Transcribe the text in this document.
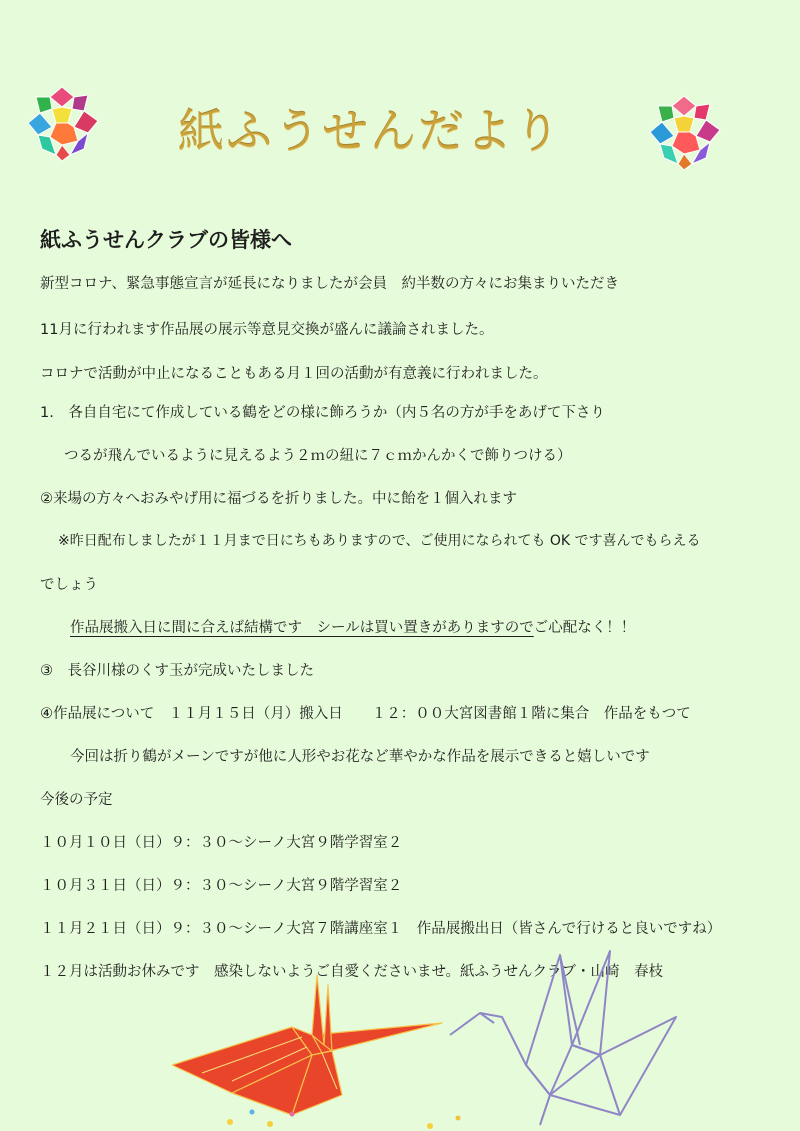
紙ふうせんだより
紙ふうせんクラブの皆様へ
新型コロナ、緊急事態宣言が延長になりましたが会員　約半数の方々にお集まりいただき
11月に行われます作品展の展示等意見交換が盛んに議論されました。
コロナで活動が中止になることもある月１回の活動が有意義に行われました。
1.　各自自宅にて作成している鶴をどの様に飾ろうか（内５名の方が手をあげて下さり
つるが飛んでいるように見えるよう２ｍの紐に７ｃｍかんかくで飾りつける）
②来場の方々へおみやげ用に福づるを折りました。中に飴を１個入れます
※昨日配布しましたが１１月まで日にちもありますので、ご使用になられても OK です喜んでもらえる
でしょう
作品展搬入日に間に合えば結構です　シールは買い置きがありますのでご心配なく！！
③　長谷川様のくす玉が完成いたしました
④作品展について　１１月１５日（月）搬入日　　１２：００大宮図書館１階に集合　作品をもつて
今回は折り鶴がメーンですが他に人形やお花など華やかな作品を展示できると嬉しいです
今後の予定
１０月１０日（日）９：３０～シーノ大宮９階学習室２
１０月３１日（日）９：３０～シーノ大宮９階学習室２
１１月２１日（日）９：３０～シーノ大宮７階講座室１　作品展搬出日（皆さんで行けると良いですね）
１２月は活動お休みです　感染しないようご自愛くださいませ。紙ふうせんクラブ・山崎　春枝
